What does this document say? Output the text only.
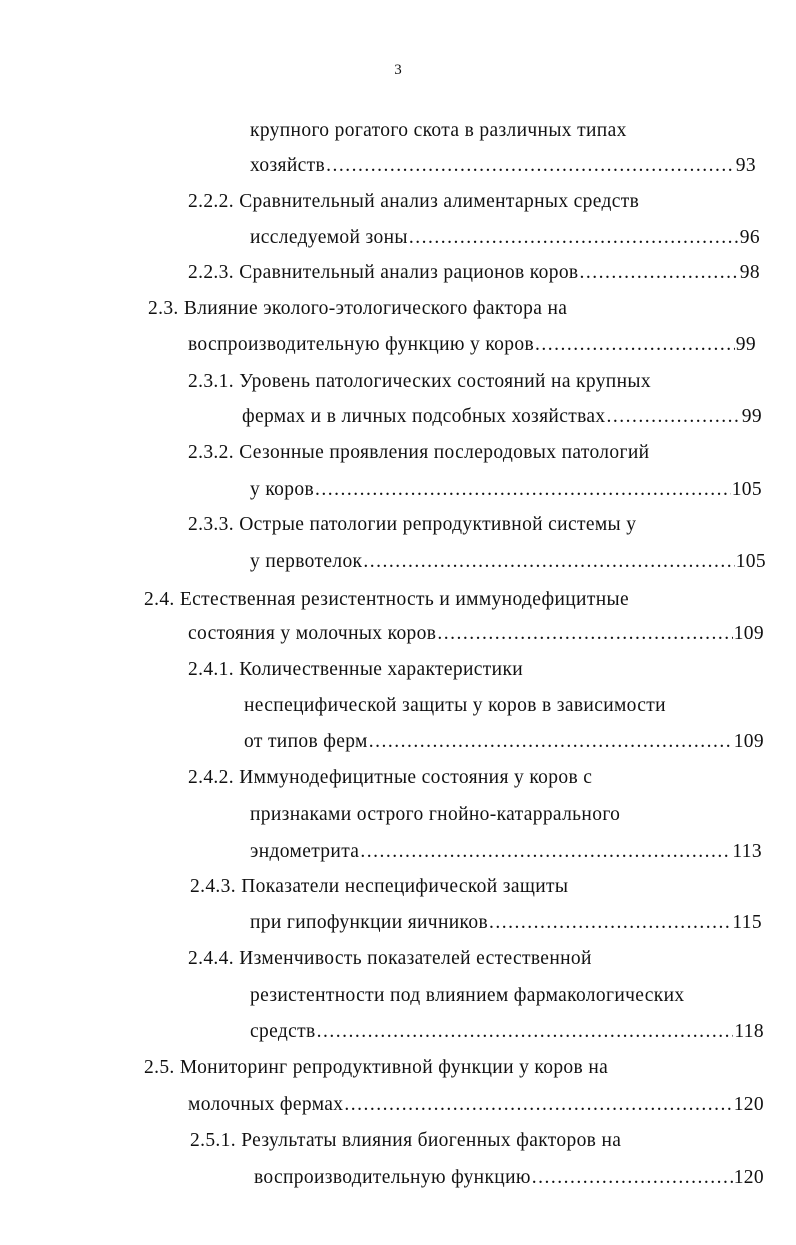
3
крупного рогатого скота в различных типах
хозяйств .....	93
2.2.2. Сравнительный анализ алиментарных средств
исследуемой зоны .....	96
2.2.3. Сравнительный анализ рационов коров .....	98
2.3. Влияние эколого-этологического фактора на
воспроизводительную функцию у коров .....	99
2.3.1. Уровень патологических состояний на крупных
фермах и в личных подсобных хозяйствах .....	99
2.3.2. Сезонные проявления послеродовых патологий
у коров .....	105
2.3.3. Острые патологии репродуктивной системы у
у первотелок .....	105
2.4. Естественная резистентность и иммунодефицитные
состояния у молочных коров .....	109
2.4.1. Количественные характеристики
неспецифической защиты у коров в зависимости
от типов ферм .....	109
2.4.2. Иммунодефицитные состояния у коров с
признаками острого гнойно-катаррального
эндометрита .....	113
2.4.3. Показатели неспецифической защиты
при гипофункции яичников .....	115
2.4.4. Изменчивость показателей естественной
резистентности под влиянием фармакологических
средств .....	118
2.5. Мониторинг репродуктивной функции у коров на
молочных фермах .....	120
2.5.1. Результаты влияния биогенных факторов на
воспроизводительную функцию .....	120
